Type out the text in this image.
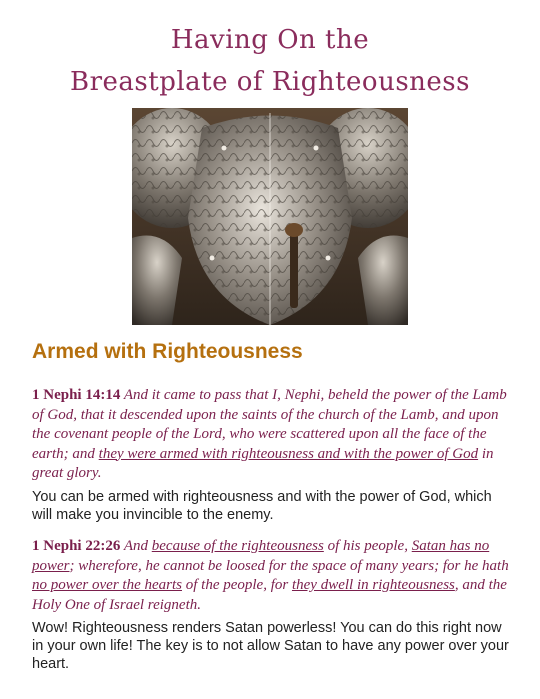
Having On the
Breastplate of Righteousness
Armed with Righteousness
1 Nephi 14:14 And it came to pass that I, Nephi, beheld the power of the Lamb of God, that it descended upon the saints of the church of the Lamb, and upon the covenant people of the Lord, who were scattered upon all the face of the earth; and they were armed with righteousness and with the power of God in great glory.
You can be armed with righteousness and with the power of God, which will make you invincible to the enemy.
1 Nephi 22:26 And because of the righteousness of his people, Satan has no power; wherefore, he cannot be loosed for the space of many years; for he hath no power over the hearts of the people, for they dwell in righteousness, and the Holy One of Israel reigneth.
Wow! Righteousness renders Satan powerless! You can do this right now in your own life! The key is to not allow Satan to have any power over your heart.
